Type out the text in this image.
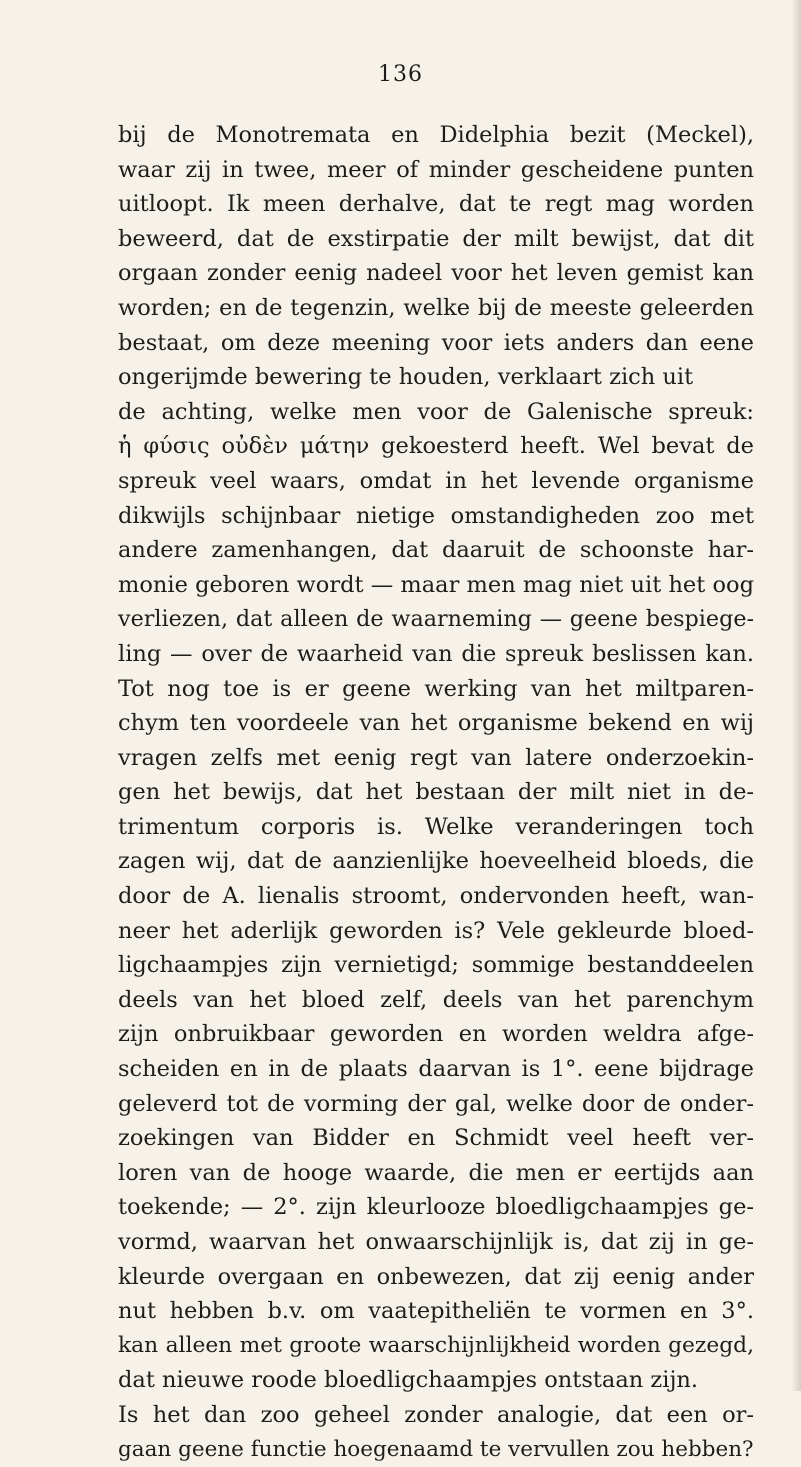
136
bij de Monotremata en Didelphia bezit (Meckel),
waar zij in twee, meer of minder gescheidene punten
uitloopt. Ik meen derhalve, dat te regt mag worden
beweerd, dat de exstirpatie der milt bewijst, dat dit
orgaan zonder eenig nadeel voor het leven gemist kan
worden; en de tegenzin, welke bij de meeste geleerden
bestaat, om deze meening voor iets anders dan eene
ongerijmde bewering te houden, verklaart zich uit
de achting, welke men voor de Galenische spreuk:
ἡ φύσις οὐδὲν μάτην gekoesterd heeft. Wel bevat de
spreuk veel waars, omdat in het levende organisme
dikwijls schijnbaar nietige omstandigheden zoo met
andere zamenhangen, dat daaruit de schoonste har-
monie geboren wordt — maar men mag niet uit het oog
verliezen, dat alleen de waarneming — geene bespiege-
ling — over de waarheid van die spreuk beslissen kan.
Tot nog toe is er geene werking van het miltparen-
chym ten voordeele van het organisme bekend en wij
vragen zelfs met eenig regt van latere onderzoekin-
gen het bewijs, dat het bestaan der milt niet in de-
trimentum corporis is. Welke veranderingen toch
zagen wij, dat de aanzienlijke hoeveelheid bloeds, die
door de A. lienalis stroomt, ondervonden heeft, wan-
neer het aderlijk geworden is? Vele gekleurde bloed-
ligchaampjes zijn vernietigd; sommige bestanddeelen
deels van het bloed zelf, deels van het parenchym
zijn onbruikbaar geworden en worden weldra afge-
scheiden en in de plaats daarvan is 1°. eene bijdrage
geleverd tot de vorming der gal, welke door de onder-
zoekingen van Bidder en Schmidt veel heeft ver-
loren van de hooge waarde, die men er eertijds aan
toekende; — 2°. zijn kleurlooze bloedligchaampjes ge-
vormd, waarvan het onwaarschijnlijk is, dat zij in ge-
kleurde overgaan en onbewezen, dat zij eenig ander
nut hebben b.v. om vaatepitheliën te vormen en 3°.
kan alleen met groote waarschijnlijkheid worden gezegd,
dat nieuwe roode bloedligchaampjes ontstaan zijn.
Is het dan zoo geheel zonder analogie, dat een or-
gaan geene functie hoegenaamd te vervullen zou hebben?
